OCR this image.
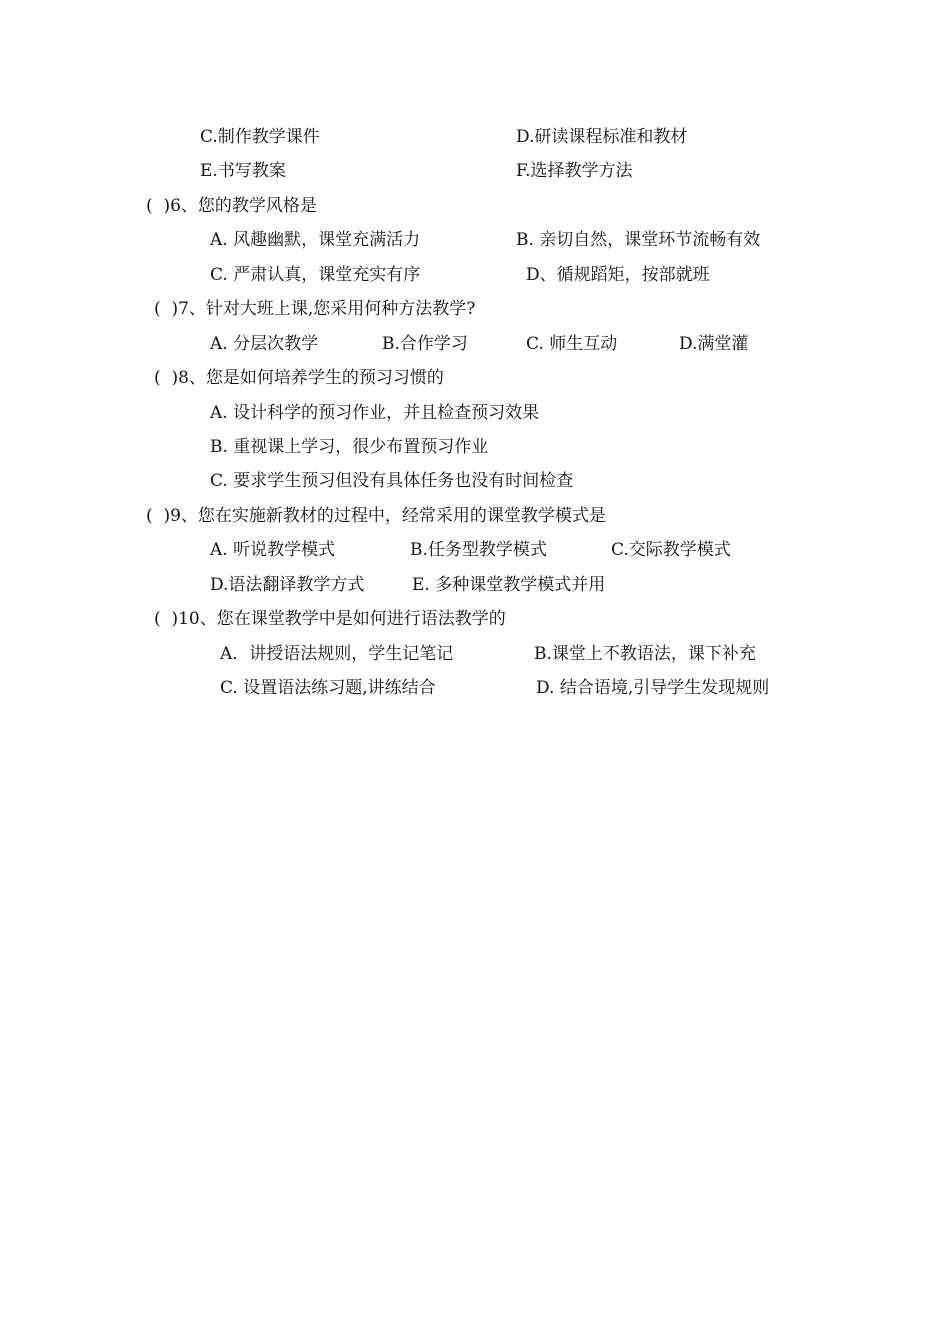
C.制作教学课件	D.研读课程标准和教材
E.书写教案	F.选择教学方法
(  )6、您的教学风格是
A. 风趣幽默，课堂充满活力	B. 亲切自然，课堂环节流畅有效
C. 严肃认真，课堂充实有序	D、循规蹈矩，按部就班
(  )7、针对大班上课,您采用何种方法教学?
A. 分层次教学	B.合作学习	C. 师生互动	D.满堂灌
(  )8、您是如何培养学生的预习习惯的
A. 设计科学的预习作业，并且检查预习效果
B. 重视课上学习，很少布置预习作业
C. 要求学生预习但没有具体任务也没有时间检查
(  )9、您在实施新教材的过程中，经常采用的课堂教学模式是
A. 听说教学模式	B.任务型教学模式	C.交际教学模式
D.语法翻译教学方式	E. 多种课堂教学模式并用
(  )10、您在课堂教学中是如何进行语法教学的
A．讲授语法规则，学生记笔记	B.课堂上不教语法，课下补充
C. 设置语法练习题,讲练结合	D. 结合语境,引导学生发现规则
